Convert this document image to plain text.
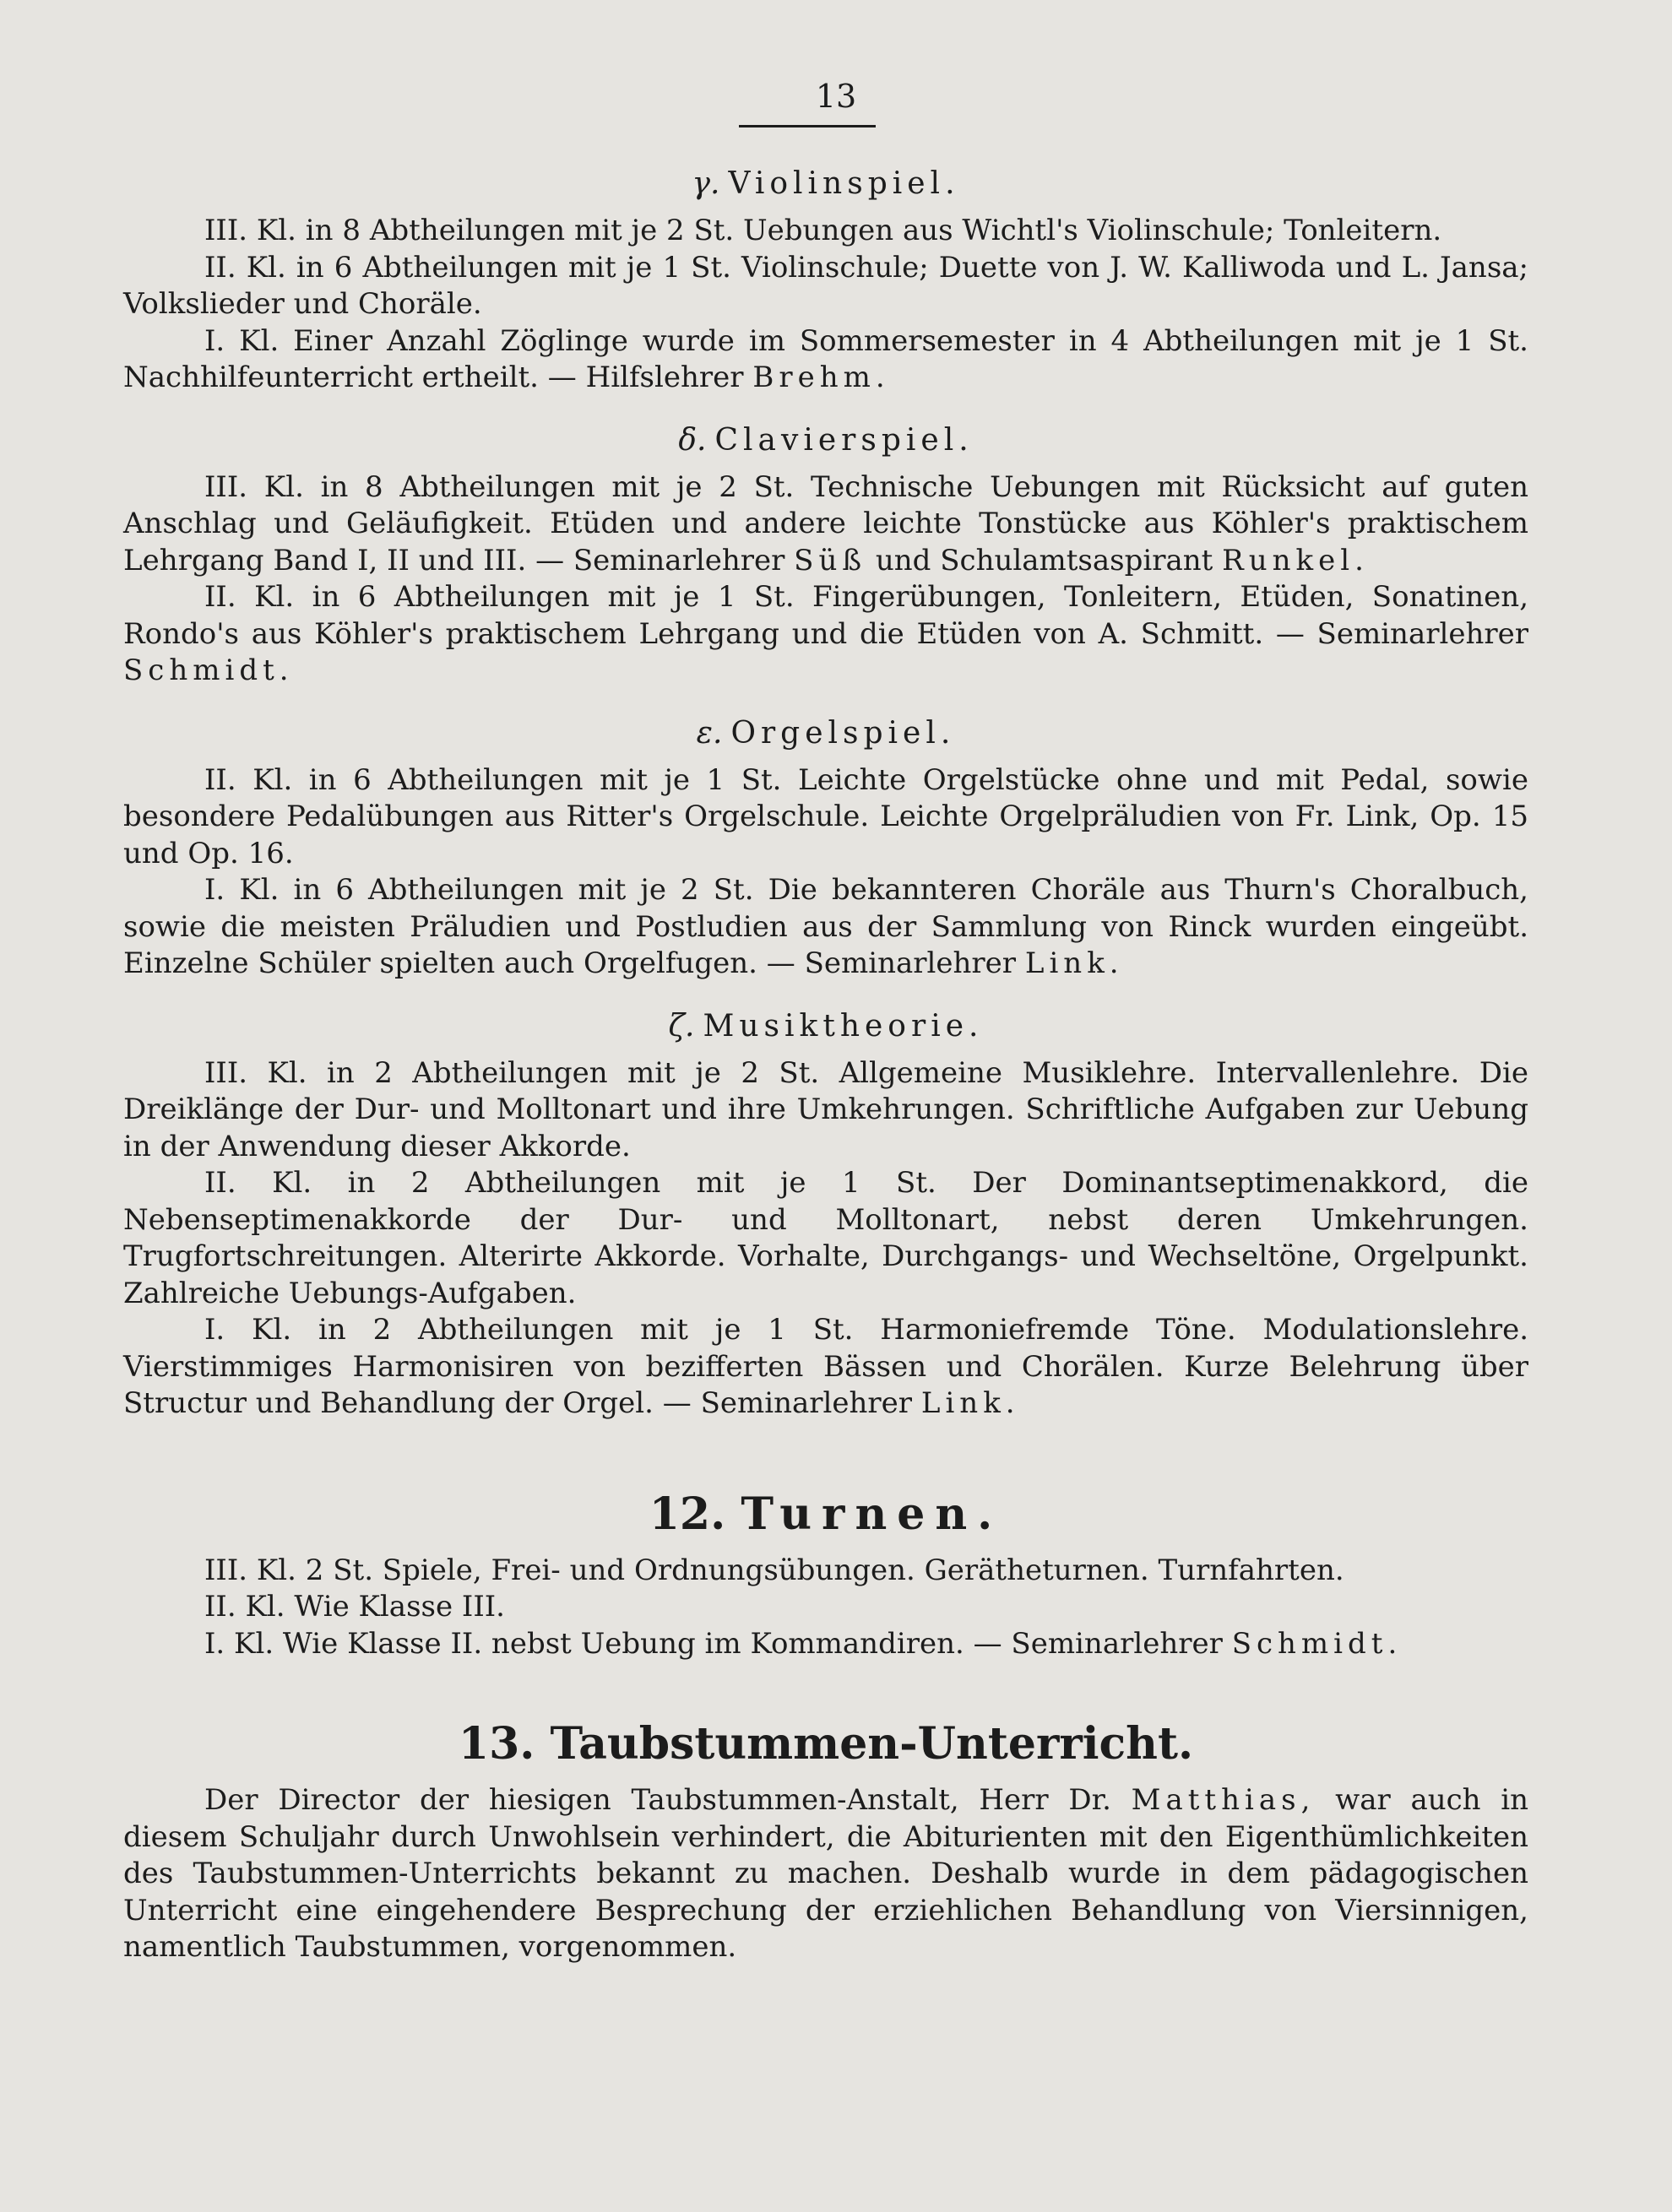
13
γ. Violinspiel.

III. Kl. in 8 Abtheilungen mit je 2 St. Uebungen aus Wichtl's Violinschule; Tonleitern.

II. Kl. in 6 Abtheilungen mit je 1 St. Violinschule; Duette von J. W. Kalliwoda und L. Jansa; Volkslieder und Choräle.

I. Kl. Einer Anzahl Zöglinge wurde im Sommersemester in 4 Abtheilungen mit je 1 St. Nachhilfeunterricht ertheilt. — Hilfslehrer Brehm.

δ. Clavierspiel.

III. Kl. in 8 Abtheilungen mit je 2 St. Technische Uebungen mit Rücksicht auf guten Anschlag und Geläufigkeit. Etüden und andere leichte Tonstücke aus Köhler's praktischem Lehrgang Band I, II und III. — Seminarlehrer Süß und Schulamtsaspirant Runkel.

II. Kl. in 6 Abtheilungen mit je 1 St. Fingerübungen, Tonleitern, Etüden, Sonatinen, Rondo's aus Köhler's praktischem Lehrgang und die Etüden von A. Schmitt. — Seminarlehrer Schmidt.

ε. Orgelspiel.

II. Kl. in 6 Abtheilungen mit je 1 St. Leichte Orgelstücke ohne und mit Pedal, sowie besondere Pedalübungen aus Ritter's Orgelschule. Leichte Orgelpräludien von Fr. Link, Op. 15 und Op. 16.

I. Kl. in 6 Abtheilungen mit je 2 St. Die bekannteren Choräle aus Thurn's Choralbuch, sowie die meisten Präludien und Postludien aus der Sammlung von Rinck wurden eingeübt. Einzelne Schüler spielten auch Orgelfugen. — Seminarlehrer Link.

ζ. Musiktheorie.

III. Kl. in 2 Abtheilungen mit je 2 St. Allgemeine Musiklehre. Intervallenlehre. Die Dreiklänge der Dur- und Molltonart und ihre Umkehrungen. Schriftliche Aufgaben zur Uebung in der Anwendung dieser Akkorde.

II. Kl. in 2 Abtheilungen mit je 1 St. Der Dominantseptimenakkord, die Nebenseptimenakkorde der Dur- und Molltonart, nebst deren Umkehrungen. Trugfortschreitungen. Alterirte Akkorde. Vorhalte, Durchgangs- und Wechseltöne, Orgelpunkt. Zahlreiche Uebungs-Aufgaben.

I. Kl. in 2 Abtheilungen mit je 1 St. Harmoniefremde Töne. Modulationslehre. Vierstimmiges Harmonisiren von bezifferten Bässen und Chorälen. Kurze Belehrung über Structur und Behandlung der Orgel. — Seminarlehrer Link.

12. Turnen.

III. Kl. 2 St. Spiele, Frei- und Ordnungsübungen. Gerätheturnen. Turnfahrten.

II. Kl. Wie Klasse III.

I. Kl. Wie Klasse II. nebst Uebung im Kommandiren. — Seminarlehrer Schmidt.

13. Taubstummen-Unterricht.

Der Director der hiesigen Taubstummen-Anstalt, Herr Dr. Matthias, war auch in diesem Schuljahr durch Unwohlsein verhindert, die Abiturienten mit den Eigenthümlichkeiten des Taubstummen-Unterrichts bekannt zu machen. Deshalb wurde in dem pädagogischen Unterricht eine eingehendere Besprechung der erziehlichen Behandlung von Viersinnigen, namentlich Taubstummen, vorgenommen.
